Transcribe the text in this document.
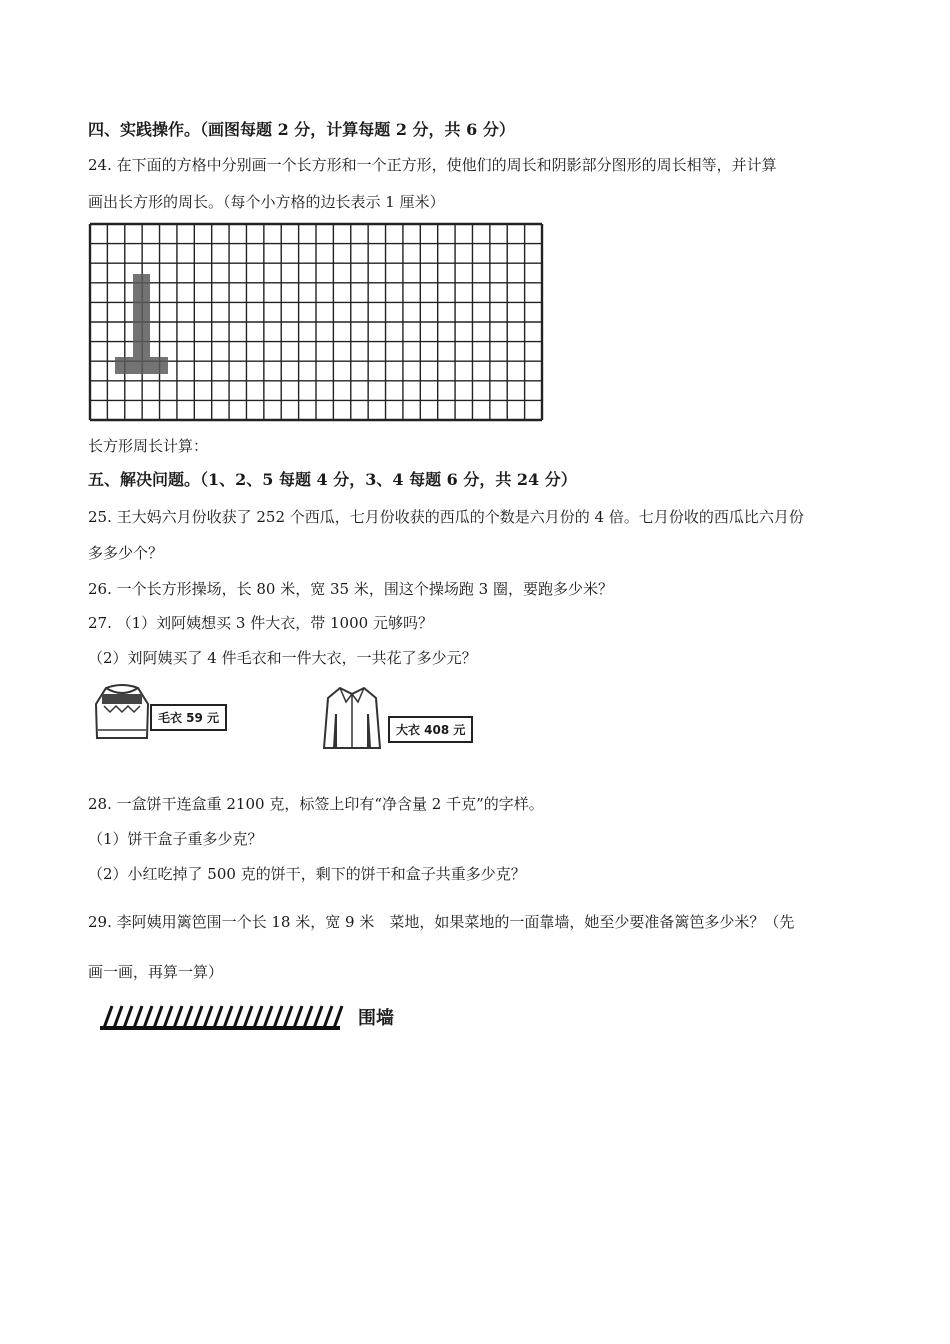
四、实践操作。（画图每题 2 分，计算每题 2 分，共 6 分）
24. 在下面的方格中分别画一个长方形和一个正方形，使他们的周长和阴影部分图形的周长相等，并计算
画出长方形的周长。（每个小方格的边长表示 1 厘米）
长方形周长计算：
五、解决问题。（1、2、5 每题 4 分，3、4 每题 6 分，共 24 分）
25. 王大妈六月份收获了 252 个西瓜，七月份收获的西瓜的个数是六月份的 4 倍。七月份收的西瓜比六月份
多多少个？
26. 一个长方形操场，长 80 米，宽 35 米，围这个操场跑 3 圈，要跑多少米？
27. （1）刘阿姨想买 3 件大衣，带 1000 元够吗？
（2）刘阿姨买了 4 件毛衣和一件大衣，一共花了多少元？
毛衣 59 元
大衣 408 元
28. 一盒饼干连盒重 2100 克，标签上印有“净含量 2 千克”的字样。
（1）饼干盒子重多少克？
（2）小红吃掉了 500 克的饼干，剩下的饼干和盒子共重多少克？
29. 李阿姨用篱笆围一个长 18 米，宽 9 米　菜地，如果菜地的一面靠墙，她至少要准备篱笆多少米？（先
画一画，再算一算）
围墙
